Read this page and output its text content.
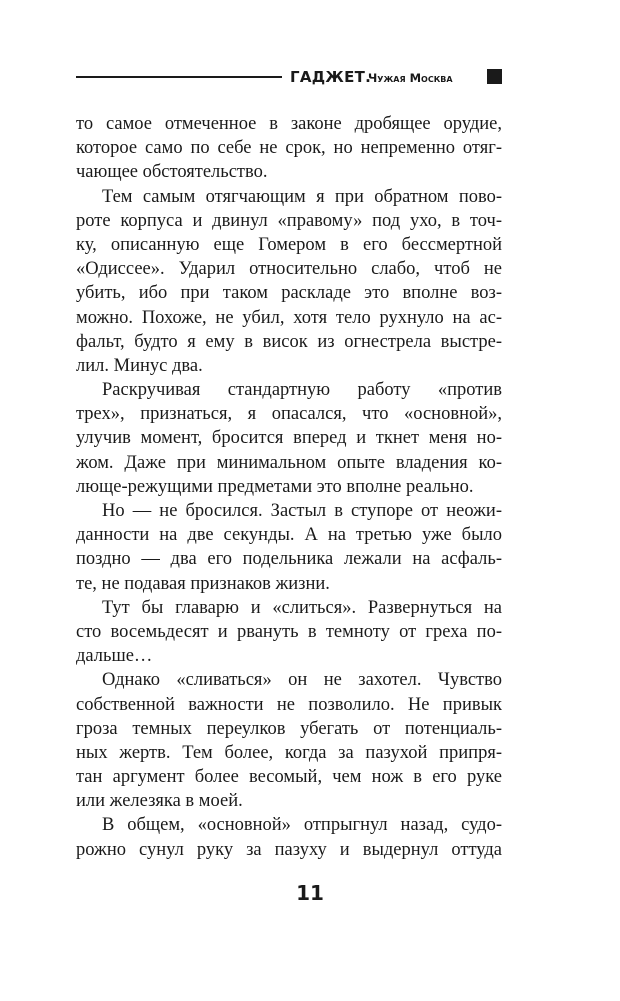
ГАДЖЕТ.
Чужая Москва
то самое отмеченное в законе дробящее орудие,
которое само по себе не срок, но непременно отяг-
чающее обстоятельство.
Тем самым отягчающим я при обратном пово-
роте корпуса и двинул «правому» под ухо, в точ-
ку, описанную еще Гомером в его бессмертной
«Одиссее». Ударил относительно слабо, чтоб не
убить, ибо при таком раскладе это вполне воз-
можно. Похоже, не убил, хотя тело рухнуло на ас-
фальт, будто я ему в висок из огнестрела выстре-
лил. Минус два.
Раскручивая стандартную работу «против
трех», признаться, я опасался, что «основной»,
улучив момент, бросится вперед и ткнет меня но-
жом. Даже при минимальном опыте владения ко-
люще-режущими предметами это вполне реально.
Но — не бросился. Застыл в ступоре от неожи-
данности на две секунды. А на третью уже было
поздно — два его подельника лежали на асфаль-
те, не подавая признаков жизни.
Тут бы главарю и «слиться». Развернуться на
сто восемьдесят и рвануть в темноту от греха по-
дальше…
Однако «сливаться» он не захотел. Чувство
собственной важности не позволило. Не привык
гроза темных переулков убегать от потенциаль-
ных жертв. Тем более, когда за пазухой припря-
тан аргумент более весомый, чем нож в его руке
или железяка в моей.
В общем, «основной» отпрыгнул назад, судо-
рожно сунул руку за пазуху и выдернул оттуда
11
